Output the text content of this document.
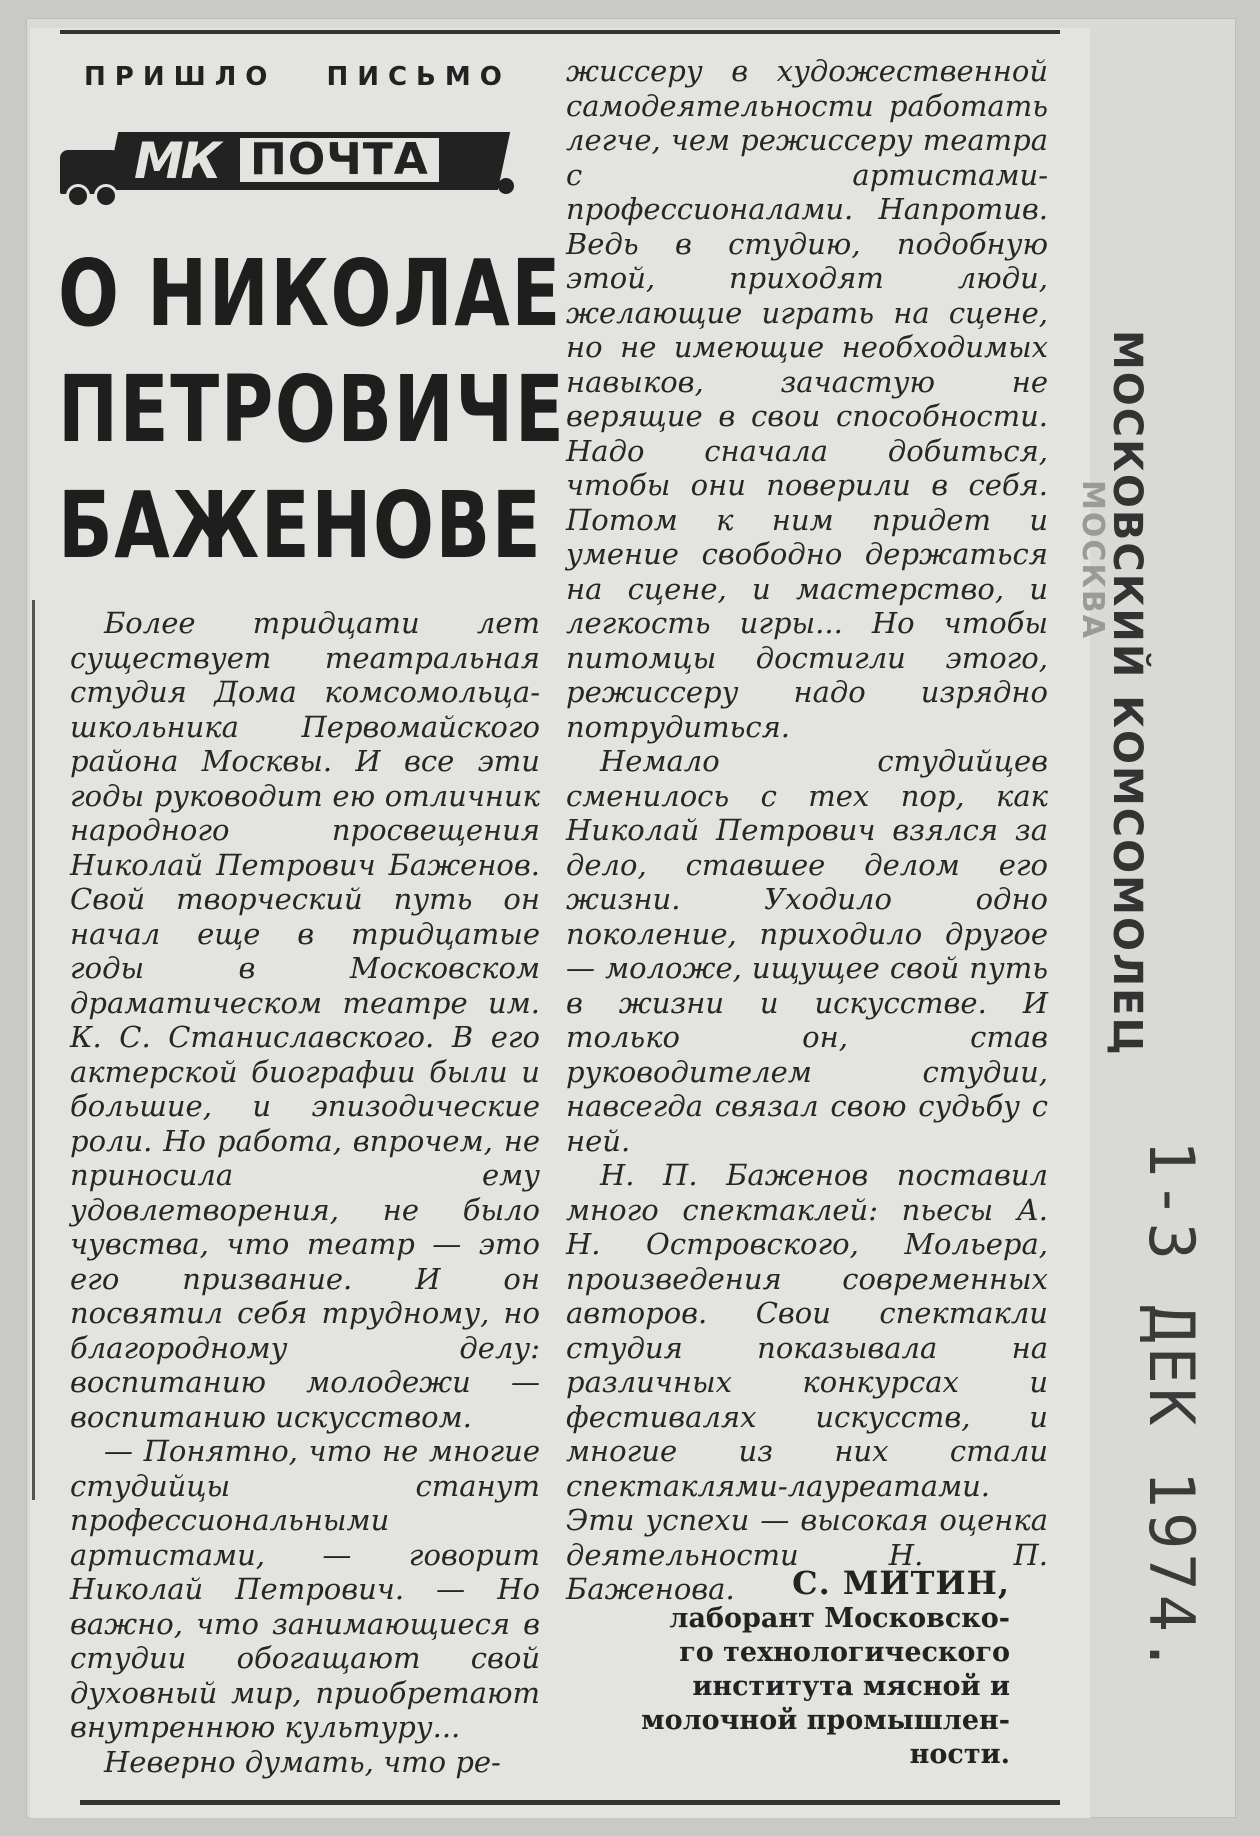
ПРИШЛО ПИСЬМО
МК ПОЧТА
О НИКОЛАЕ
ПЕТРОВИЧЕ
БАЖЕНОВЕ

Более тридцати лет существует театральная студия Дома комсомольца-школьника Первомайского района Москвы. И все эти годы руководит ею отличник народного просвещения Николай Петрович Баженов. Свой творческий путь он начал еще в тридцатые годы в Московском драматическом театре им. К. С. Станиславского. В его актерской биографии были и большие, и эпизодические роли. Но работа, впрочем, не приносила ему удовлетворения, не было чувства, что театр — это его призвание. И он посвятил себя трудному, но благородному делу: воспитанию молодежи — воспитанию искусством.

— Понятно, что не многие студийцы станут профессиональными артистами, — говорит Николай Петрович. — Но важно, что занимающиеся в студии обогащают свой духовный мир, приобретают внутреннюю культуру...

Неверно думать, что ре-

жиссеру в художественной самодеятельности работать легче, чем режиссеру театра с артистами-профессионалами. Напротив. Ведь в студию, подобную этой, приходят люди, желающие играть на сцене, но не имеющие необходимых навыков, зачастую не верящие в свои способности. Надо сначала добиться, чтобы они поверили в себя. Потом к ним придет и умение свободно держаться на сцене, и мастерство, и легкость игры... Но чтобы питомцы достигли этого, режиссеру надо изрядно потрудиться.

Немало студийцев сменилось с тех пор, как Николай Петрович взялся за дело, ставшее делом его жизни. Уходило одно поколение, приходило другое — моложе, ищущее свой путь в жизни и искусстве. И только он, став руководителем студии, навсегда связал свою судьбу с ней.

Н. П. Баженов поставил много спектаклей: пьесы А. Н. Островского, Мольера, произведения современных авторов. Свои спектакли студия показывала на различных конкурсах и фестивалях искусств, и многие из них стали спектаклями-лауреатами. Эти успехи — высокая оценка деятельности Н. П. Баженова.	С. МИТИН,
лаборант Московско-
го технологического
института мясной и
молочной промышлен-
ности.
МОСКОВСКИЙ КОМСОМОЛЕЦ
МОСКВА
1-3 ДЕК 1974.
